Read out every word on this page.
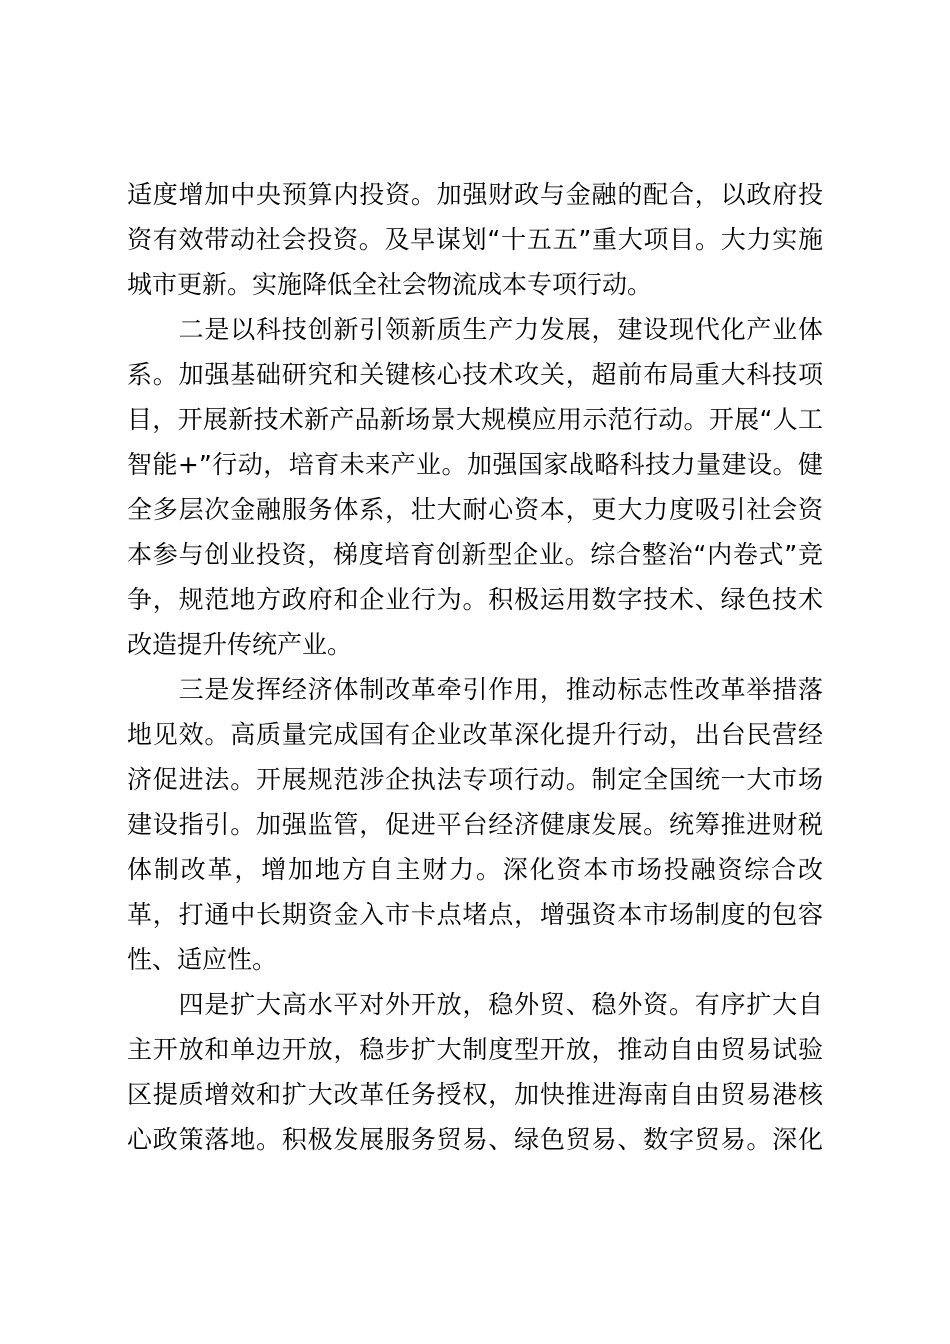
适度增加中央预算内投资。加强财政与金融的配合，以政府投
资有效带动社会投资。及早谋划“十五五”重大项目。大力实施
城市更新。实施降低全社会物流成本专项行动。
　　二是以科技创新引领新质生产力发展，建设现代化产业体
系。加强基础研究和关键核心技术攻关，超前布局重大科技项
目，开展新技术新产品新场景大规模应用示范行动。开展“人工
智能+”行动，培育未来产业。加强国家战略科技力量建设。健
全多层次金融服务体系，壮大耐心资本，更大力度吸引社会资
本参与创业投资，梯度培育创新型企业。综合整治“内卷式”竞
争，规范地方政府和企业行为。积极运用数字技术、绿色技术
改造提升传统产业。
　　三是发挥经济体制改革牵引作用，推动标志性改革举措落
地见效。高质量完成国有企业改革深化提升行动，出台民营经
济促进法。开展规范涉企执法专项行动。制定全国统一大市场
建设指引。加强监管，促进平台经济健康发展。统筹推进财税
体制改革，增加地方自主财力。深化资本市场投融资综合改
革，打通中长期资金入市卡点堵点，增强资本市场制度的包容
性、适应性。
　　四是扩大高水平对外开放，稳外贸、稳外资。有序扩大自
主开放和单边开放，稳步扩大制度型开放，推动自由贸易试验
区提质增效和扩大改革任务授权，加快推进海南自由贸易港核
心政策落地。积极发展服务贸易、绿色贸易、数字贸易。深化
